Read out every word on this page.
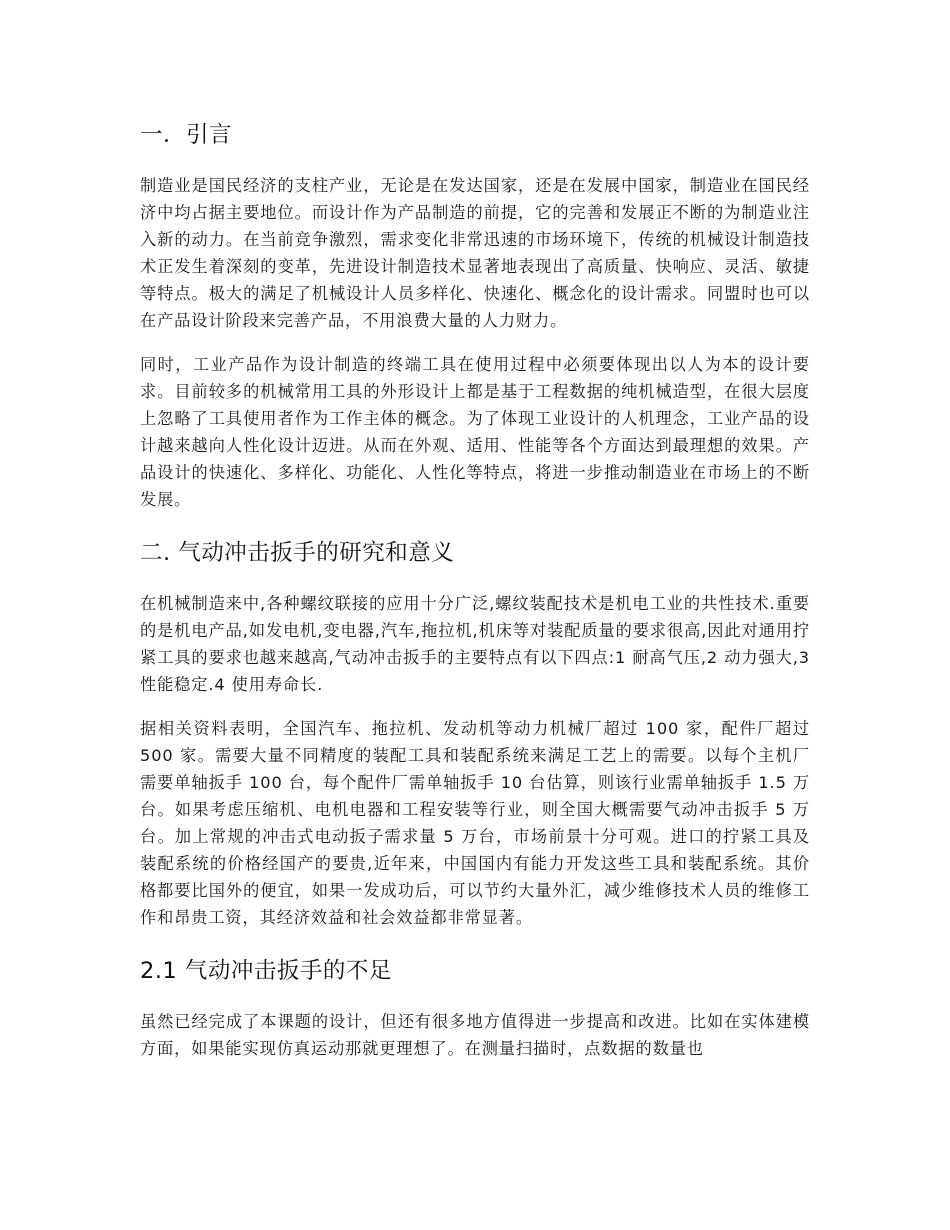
一．引言

制造业是国民经济的支柱产业，无论是在发达国家，还是在发展中国家，制造业在国民经济中均占据主要地位。而设计作为产品制造的前提，它的完善和发展正不断的为制造业注入新的动力。在当前竞争激烈，需求变化非常迅速的市场环境下，传统的机械设计制造技术正发生着深刻的变革，先进设计制造技术显著地表现出了高质量、快响应、灵活、敏捷等特点。极大的满足了机械设计人员多样化、快速化、概念化的设计需求。同盟时也可以在产品设计阶段来完善产品，不用浪费大量的人力财力。

同时，工业产品作为设计制造的终端工具在使用过程中必须要体现出以人为本的设计要求。目前较多的机械常用工具的外形设计上都是基于工程数据的纯机械造型，在很大层度上忽略了工具使用者作为工作主体的概念。为了体现工业设计的人机理念，工业产品的设计越来越向人性化设计迈进。从而在外观、适用、性能等各个方面达到最理想的效果。产品设计的快速化、多样化、功能化、人性化等特点，将进一步推动制造业在市场上的不断发展。

二. 气动冲击扳手的研究和意义

在机械制造来中,各种螺纹联接的应用十分广泛,螺纹装配技术是机电工业的共性技术.重要的是机电产品,如发电机,变电器,汽车,拖拉机,机床等对装配质量的要求很高,因此对通用拧紧工具的要求也越来越高,气动冲击扳手的主要特点有以下四点:1 耐高气压,2 动力强大,3 性能稳定.4 使用寿命长.

据相关资料表明，全国汽车、拖拉机、发动机等动力机械厂超过 100 家，配件厂超过 500 家。需要大量不同精度的装配工具和装配系统来满足工艺上的需要。以每个主机厂需要单轴扳手 100 台，每个配件厂需单轴扳手 10 台估算，则该行业需单轴扳手 1.5 万台。如果考虑压缩机、电机电器和工程安装等行业，则全国大概需要气动冲击扳手 5 万台。加上常规的冲击式电动扳子需求量 5 万台，市场前景十分可观。进口的拧紧工具及装配系统的价格经国产的要贵,近年来，中国国内有能力开发这些工具和装配系统。其价格都要比国外的便宜，如果一发成功后，可以节约大量外汇，减少维修技术人员的维修工作和昂贵工资，其经济效益和社会效益都非常显著。

2.1 气动冲击扳手的不足

虽然已经完成了本课题的设计，但还有很多地方值得进一步提高和改进。比如在实体建模方面，如果能实现仿真运动那就更理想了。在测量扫描时，点数据的数量也
